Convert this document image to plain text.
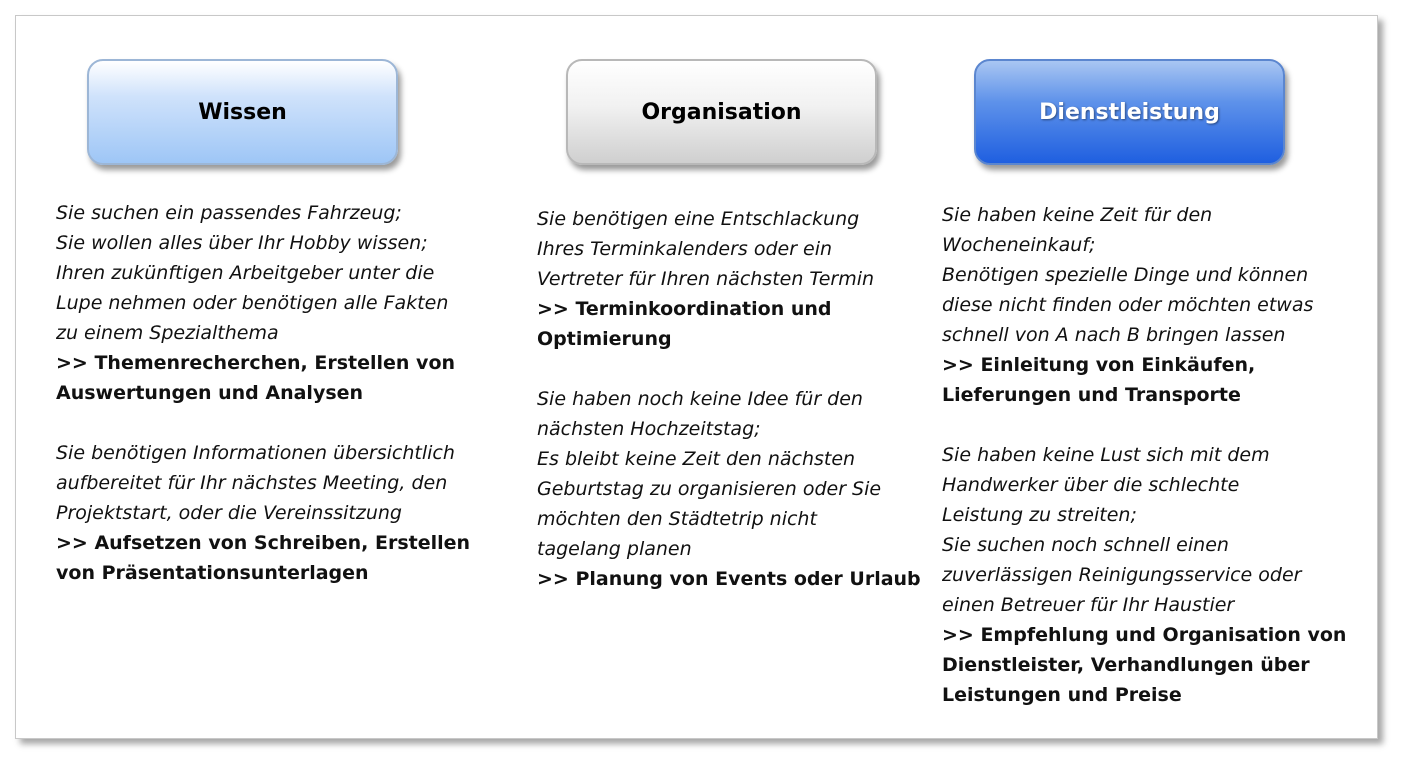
Wissen	Organisation	Dienstleistung

Sie suchen ein passendes Fahrzeug;
Sie wollen alles über Ihr Hobby wissen;
Ihren zukünftigen Arbeitgeber unter die
Lupe nehmen oder benötigen alle Fakten
zu einem Spezialthema

>> Themenrecherchen, Erstellen von
Auswertungen und Analysen

Sie benötigen Informationen übersichtlich
aufbereitet für Ihr nächstes Meeting, den
Projektstart, oder die Vereinssitzung

>> Aufsetzen von Schreiben, Erstellen
von Präsentationsunterlagen

Sie benötigen eine Entschlackung
Ihres Terminkalenders oder ein
Vertreter für Ihren nächsten Termin

>> Terminkoordination und
Optimierung

Sie haben noch keine Idee für den
nächsten Hochzeitstag;
Es bleibt keine Zeit den nächsten
Geburtstag zu organisieren oder Sie
möchten den Städtetrip nicht
tagelang planen

>> Planung von Events oder Urlaub

Sie haben keine Zeit für den
Wocheneinkauf;
Benötigen spezielle Dinge und können
diese nicht finden oder möchten etwas
schnell von A nach B bringen lassen

>> Einleitung von Einkäufen,
Lieferungen und Transporte

Sie haben keine Lust sich mit dem
Handwerker über die schlechte
Leistung zu streiten;
Sie suchen noch schnell einen
zuverlässigen Reinigungsservice oder
einen Betreuer für Ihr Haustier

>> Empfehlung und Organisation von
Dienstleister, Verhandlungen über
Leistungen und Preise
